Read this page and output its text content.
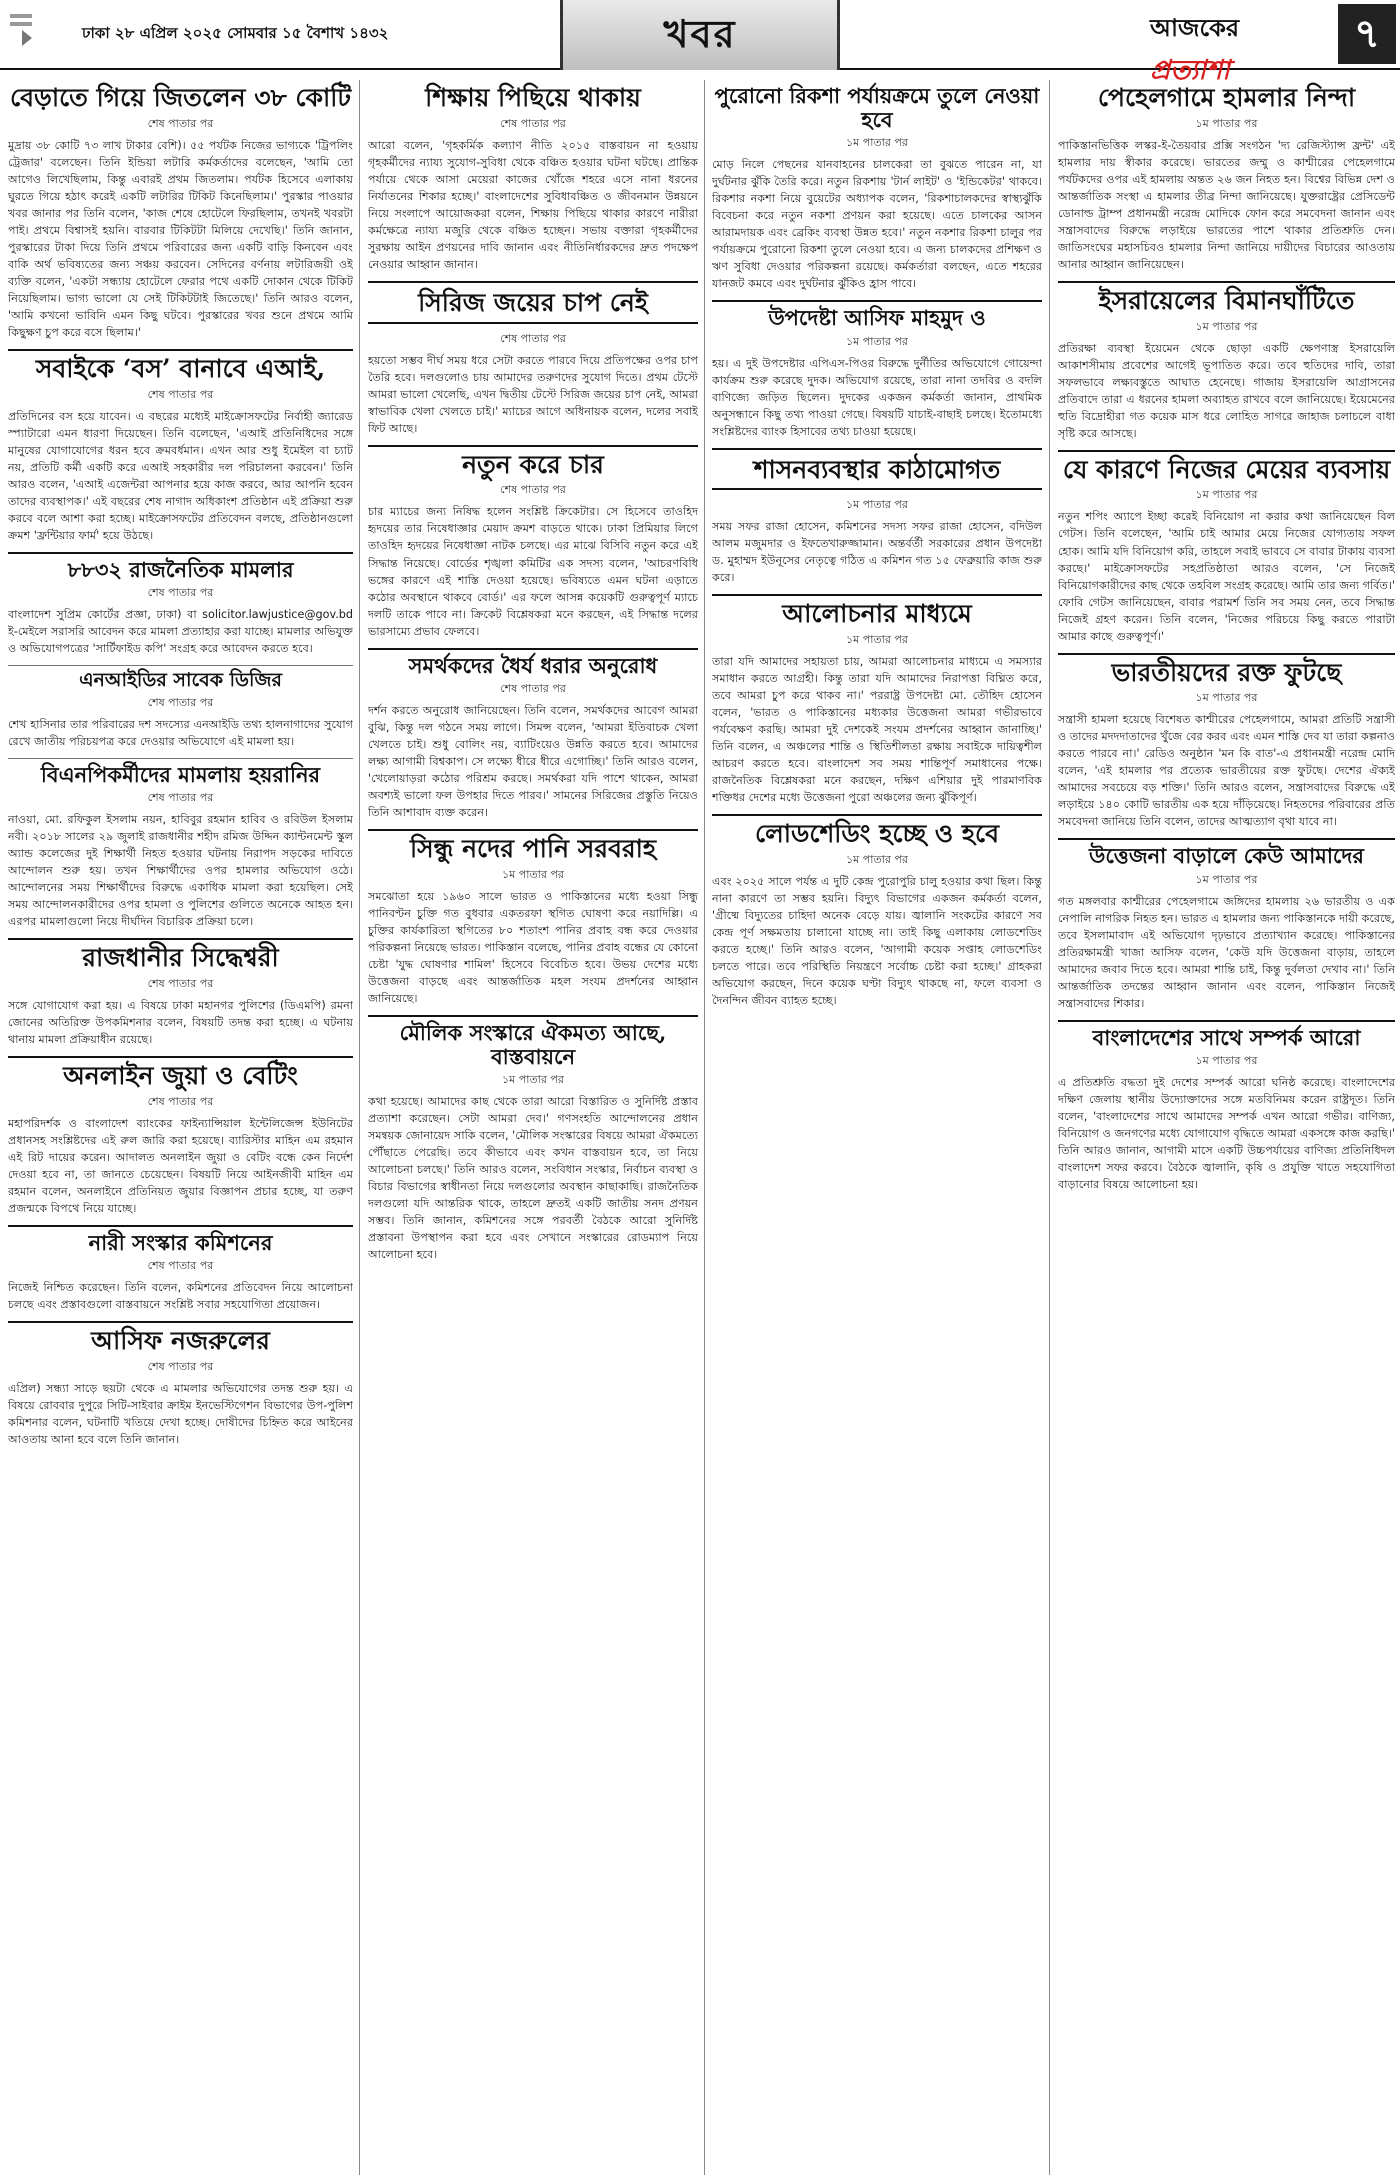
ঢাকা ২৮ এপ্রিল ২০২৫ সোমবার ১৫ বৈশাখ ১৪৩২	খবর	আজকের প্রত্যাশা
৭
বেড়াতে গিয়ে জিতলেন ৩৮ কোটি
শেষ পাতার পর
মুদ্রায় ৩৮ কোটি ৭৩ লাখ টাকার বেশি)। ৫৫ পর্যটক নিজের ভাগ্যকে 'ট্রিপলিং ট্রেজার' বলেছেন। তিনি ইন্ডিয়া লটারি কর্মকর্তাদের বলেছেন, 'আমি তো আগেও লিখেছিলাম, কিন্তু এবারই প্রথম জিতলাম। পর্যটক হিসেবে এলাকায় ঘুরতে গিয়ে হঠাৎ করেই একটি লটারির টিকিট কিনেছিলাম।' পুরস্কার পাওয়ার খবর জানার পর তিনি বলেন, 'কাজ শেষে হোটেলে ফিরছিলাম, তখনই খবরটা পাই। প্রথমে বিশ্বাসই হয়নি। বারবার টিকিটটা মিলিয়ে দেখেছি।' তিনি জানান, পুরস্কারের টাকা দিয়ে তিনি প্রথমে পরিবারের জন্য একটি বাড়ি কিনবেন এবং বাকি অর্থ ভবিষ্যতের জন্য সঞ্চয় করবেন। সেদিনের বর্ণনায় লটারিজয়ী ওই ব্যক্তি বলেন, 'একটা সন্ধ্যায় হোটেলে ফেরার পথে একটি দোকান থেকে টিকিট নিয়েছিলাম। ভাগ্য ভালো যে সেই টিকিটটাই জিতেছে।' তিনি আরও বলেন, 'আমি কখনো ভাবিনি এমন কিছু ঘটবে। পুরস্কারের খবর শুনে প্রথমে আমি কিছুক্ষণ চুপ করে বসে ছিলাম।'
সবাইকে ‘বস’ বানাবে এআই,
শেষ পাতার পর
প্রতিদিনের বস হয়ে যাবেন। এ বছরের মধ্যেই মাইক্রোসফটের নির্বাহী জ্যারেড স্প্যাটারো এমন ধারণা দিয়েছেন। তিনি বলেছেন, 'এআই প্রতিনিধিদের সঙ্গে মানুষের যোগাযোগের ধরন হবে ক্রমবর্ধমান। এখন আর শুধু ইমেইল বা চ্যাট নয়, প্রতিটি কর্মী একটি করে এআই সহকারীর দল পরিচালনা করবেন।' তিনি আরও বলেন, 'এআই এজেন্টরা আপনার হয়ে কাজ করবে, আর আপনি হবেন তাদের ব্যবস্থাপক।' এই বছরের শেষ নাগাদ অধিকাংশ প্রতিষ্ঠান এই প্রক্রিয়া শুরু করবে বলে আশা করা হচ্ছে। মাইক্রোসফটের প্রতিবেদন বলছে, প্রতিষ্ঠানগুলো ক্রমশ 'ফ্রন্টিয়ার ফার্ম' হয়ে উঠছে।
৮৮৩২ রাজনৈতিক মামলার
শেষ পাতার পর
বাংলাদেশ সুপ্রিম কোর্টের প্রজ্ঞা, ঢাকা) বা solicitor.lawjustice@gov.bd ই-মেইলে সরাসরি আবেদন করে মামলা প্রত্যাহার করা যাচ্ছে। মামলার অভিযুক্ত ও অভিযোগপত্রের 'সার্টিফাইড কপি' সংগ্রহ করে আবেদন করতে হবে।
এনআইডির সাবেক ডিজির
শেষ পাতার পর
শেখ হাসিনার তার পরিবারের দশ সদস্যের এনআইডি তথ্য হালনাগাদের সুযোগ রেখে জাতীয় পরিচয়পত্র করে দেওয়ার অভিযোগে এই মামলা হয়।
বিএনপিকর্মীদের মামলায় হয়রানির
শেষ পাতার পর
নাওয়া, মো. রফিকুল ইসলাম নয়ন, হাবিবুর রহমান হাবিব ও রবিউল ইসলাম নবী। ২০১৮ সালের ২৯ জুলাই রাজধানীর শহীদ রমিজ উদ্দিন ক্যান্টনমেন্ট স্কুল অ্যান্ড কলেজের দুই শিক্ষার্থী নিহত হওয়ার ঘটনায় নিরাপদ সড়কের দাবিতে আন্দোলন শুরু হয়। তখন শিক্ষার্থীদের ওপর হামলার অভিযোগ ওঠে। আন্দোলনের সময় শিক্ষার্থীদের বিরুদ্ধে একাধিক মামলা করা হয়েছিল। সেই সময় আন্দোলনকারীদের ওপর হামলা ও পুলিশের গুলিতে অনেকে আহত হন। এরপর মামলাগুলো নিয়ে দীর্ঘদিন বিচারিক প্রক্রিয়া চলে।
রাজধানীর সিদ্ধেশ্বরী
শেষ পাতার পর
সঙ্গে যোগাযোগ করা হয়। এ বিষয়ে ঢাকা মহানগর পুলিশের (ডিএমপি) রমনা জোনের অতিরিক্ত উপকমিশনার বলেন, বিষয়টি তদন্ত করা হচ্ছে। এ ঘটনায় থানায় মামলা প্রক্রিয়াধীন রয়েছে।
অনলাইন জুয়া ও বেটিং
শেষ পাতার পর
মহাপরিদর্শক ও বাংলাদেশ ব্যাংকের ফাইন্যান্সিয়াল ইন্টেলিজেন্স ইউনিটের প্রধানসহ সংশ্লিষ্টদের এই রুল জারি করা হয়েছে। ব্যারিস্টার মাহিন এম রহমান এই রিট দায়ের করেন। আদালত অনলাইন জুয়া ও বেটিং বন্ধে কেন নির্দেশ দেওয়া হবে না, তা জানতে চেয়েছেন। বিষয়টি নিয়ে আইনজীবী মাহিন এম রহমান বলেন, অনলাইনে প্রতিনিয়ত জুয়ার বিজ্ঞাপন প্রচার হচ্ছে, যা তরুণ প্রজন্মকে বিপথে নিয়ে যাচ্ছে।
নারী সংস্কার কমিশনের
শেষ পাতার পর
নিজেই নিশ্চিত করেছেন। তিনি বলেন, কমিশনের প্রতিবেদন নিয়ে আলোচনা চলছে এবং প্রস্তাবগুলো বাস্তবায়নে সংশ্লিষ্ট সবার সহযোগিতা প্রয়োজন।
আসিফ নজরুলের
শেষ পাতার পর
এপ্রিল) সন্ধ্যা সাড়ে ছয়টা থেকে এ মামলার অভিযোগের তদন্ত শুরু হয়। এ বিষয়ে রোববার দুপুরে সিটি-সাইবার ক্রাইম ইনভেস্টিগেশন বিভাগের উপ-পুলিশ কমিশনার বলেন, ঘটনাটি খতিয়ে দেখা হচ্ছে। দোষীদের চিহ্নিত করে আইনের আওতায় আনা হবে বলে তিনি জানান।
শিক্ষায় পিছিয়ে থাকায়
শেষ পাতার পর
আরো বলেন, 'গৃহকর্মিক কল্যাণ নীতি ২০১৫ বাস্তবায়ন না হওয়ায় গৃহকর্মীদের ন্যায্য সুযোগ-সুবিধা থেকে বঞ্চিত হওয়ার ঘটনা ঘটছে। প্রান্তিক পর্যায়ে থেকে আসা মেয়েরা কাজের খোঁজে শহরে এসে নানা ধরনের নির্যাতনের শিকার হচ্ছে।' বাংলাদেশের সুবিধাবঞ্চিত ও জীবনমান উন্নয়নে নিয়ে সংলাপে আয়োজকরা বলেন, শিক্ষায় পিছিয়ে থাকার কারণে নারীরা কর্মক্ষেত্রে ন্যায্য মজুরি থেকে বঞ্চিত হচ্ছেন। সভায় বক্তারা গৃহকর্মীদের সুরক্ষায় আইন প্রণয়নের দাবি জানান এবং নীতিনির্ধারকদের দ্রুত পদক্ষেপ নেওয়ার আহ্বান জানান।
সিরিজ জয়ের চাপ নেই
শেষ পাতার পর
হয়তো সম্ভব দীর্ঘ সময় ধরে সেটা করতে পারবে দিয়ে প্রতিপক্ষের ওপর চাপ তৈরি হবে। দলগুলোও চায় আমাদের তরুণদের সুযোগ দিতে। প্রথম টেস্টে আমরা ভালো খেলেছি, এখন দ্বিতীয় টেস্টে সিরিজ জয়ের চাপ নেই, আমরা স্বাভাবিক খেলা খেলতে চাই।' ম্যাচের আগে অধিনায়ক বলেন, দলের সবাই ফিট আছে।
নতুন করে চার
শেষ পাতার পর
চার ম্যাচের জন্য নিষিদ্ধ হলেন সংশ্লিষ্ট ক্রিকেটার। সে হিসেবে তাওহিদ হৃদয়ের তার নিষেধাজ্ঞার মেয়াদ ক্রমশ বাড়তে থাকে। ঢাকা প্রিমিয়ার লিগে তাওহিদ হৃদয়ের নিষেধাজ্ঞা নাটক চলছে। এর মাঝে বিসিবি নতুন করে এই সিদ্ধান্ত নিয়েছে। বোর্ডের শৃঙ্খলা কমিটির এক সদস্য বলেন, 'আচরণবিধি ভঙ্গের কারণে এই শাস্তি দেওয়া হয়েছে। ভবিষ্যতে এমন ঘটনা এড়াতে কঠোর অবস্থানে থাকবে বোর্ড।' এর ফলে আসন্ন কয়েকটি গুরুত্বপূর্ণ ম্যাচে দলটি তাকে পাবে না। ক্রিকেট বিশ্লেষকরা মনে করছেন, এই সিদ্ধান্ত দলের ভারসাম্যে প্রভাব ফেলবে।
সমর্থকদের ধৈর্য ধরার অনুরোধ
শেষ পাতার পর
দর্শন করতে অনুরোধ জানিয়েছেন। তিনি বলেন, সমর্থকদের আবেগ আমরা বুঝি, কিন্তু দল গঠনে সময় লাগে। সিমন্স বলেন, 'আমরা ইতিবাচক খেলা খেলতে চাই। শুধু বোলিং নয়, ব্যাটিংয়েও উন্নতি করতে হবে। আমাদের লক্ষ্য আগামী বিশ্বকাপ। সে লক্ষ্যে ধীরে ধীরে এগোচ্ছি।' তিনি আরও বলেন, 'খেলোয়াড়রা কঠোর পরিশ্রম করছে। সমর্থকরা যদি পাশে থাকেন, আমরা অবশ্যই ভালো ফল উপহার দিতে পারব।' সামনের সিরিজের প্রস্তুতি নিয়েও তিনি আশাবাদ ব্যক্ত করেন।
সিন্ধু নদের পানি সরবরাহ
১ম পাতার পর
সমঝোতা হয়ে ১৯৬০ সালে ভারত ও পাকিস্তানের মধ্যে হওয়া সিন্ধু পানিবণ্টন চুক্তি গত বুধবার একতরফা স্থগিত ঘোষণা করে নয়াদিল্লি। এ চুক্তির কার্যকারিতা স্থগিতের ৮০ শতাংশ পানির প্রবাহ বন্ধ করে দেওয়ার পরিকল্পনা নিয়েছে ভারত। পাকিস্তান বলেছে, পানির প্রবাহ বন্ধের যে কোনো চেষ্টা 'যুদ্ধ ঘোষণার শামিল' হিসেবে বিবেচিত হবে। উভয় দেশের মধ্যে উত্তেজনা বাড়ছে এবং আন্তর্জাতিক মহল সংযম প্রদর্শনের আহ্বান জানিয়েছে।
মৌলিক সংস্কারে ঐকমত্য আছে, বাস্তবায়নে
১ম পাতার পর
কথা হয়েছে। আমাদের কাছ থেকে তারা আরো বিস্তারিত ও সুনির্দিষ্ট প্রস্তাব প্রত্যাশা করেছেন। সেটা আমরা দেব।' গণসংহতি আন্দোলনের প্রধান সমন্বয়ক জোনায়েদ সাকি বলেন, 'মৌলিক সংস্কারের বিষয়ে আমরা ঐকমত্যে পৌঁছাতে পেরেছি। তবে কীভাবে এবং কখন বাস্তবায়ন হবে, তা নিয়ে আলোচনা চলছে।' তিনি আরও বলেন, সংবিধান সংস্কার, নির্বাচন ব্যবস্থা ও বিচার বিভাগের স্বাধীনতা নিয়ে দলগুলোর অবস্থান কাছাকাছি। রাজনৈতিক দলগুলো যদি আন্তরিক থাকে, তাহলে দ্রুতই একটি জাতীয় সনদ প্রণয়ন সম্ভব। তিনি জানান, কমিশনের সঙ্গে পরবর্তী বৈঠকে আরো সুনির্দিষ্ট প্রস্তাবনা উপস্থাপন করা হবে এবং সেখানে সংস্কারের রোডম্যাপ নিয়ে আলোচনা হবে।
পুরোনো রিকশা পর্যায়ক্রমে তুলে নেওয়া হবে
১ম পাতার পর
মোড় নিলে পেছনের যানবাহনের চালকেরা তা বুঝতে পারেন না, যা দুর্ঘটনার ঝুঁকি তৈরি করে। নতুন রিকশায় 'টার্ন লাইট' ও 'ইন্ডিকেটর' থাকবে। রিকশার নকশা নিয়ে বুয়েটের অধ্যাপক বলেন, 'রিকশাচালকদের স্বাস্থ্যঝুঁকি বিবেচনা করে নতুন নকশা প্রণয়ন করা হয়েছে। এতে চালকের আসন আরামদায়ক এবং ব্রেকিং ব্যবস্থা উন্নত হবে।' নতুন নকশার রিকশা চালুর পর পর্যায়ক্রমে পুরোনো রিকশা তুলে নেওয়া হবে। এ জন্য চালকদের প্রশিক্ষণ ও ঋণ সুবিধা দেওয়ার পরিকল্পনা রয়েছে। কর্মকর্তারা বলছেন, এতে শহরের যানজট কমবে এবং দুর্ঘটনার ঝুঁকিও হ্রাস পাবে।
উপদেষ্টা আসিফ মাহমুদ ও
১ম পাতার পর
হয়। এ দুই উপদেষ্টার এপিএস-পিওর বিরুদ্ধে দুর্নীতির অভিযোগে গোয়েন্দা কার্যক্রম শুরু করেছে দুদক। অভিযোগ রয়েছে, তারা নানা তদবির ও বদলি বাণিজ্যে জড়িত ছিলেন। দুদকের একজন কর্মকর্তা জানান, প্রাথমিক অনুসন্ধানে কিছু তথ্য পাওয়া গেছে। বিষয়টি যাচাই-বাছাই চলছে। ইতোমধ্যে সংশ্লিষ্টদের ব্যাংক হিসাবের তথ্য চাওয়া হয়েছে।
শাসনব্যবস্থার কাঠামোগত
১ম পাতার পর
সময় সফর রাজা হোসেন, কমিশনের সদস্য সফর রাজা হোসেন, বদিউল আলম মজুমদার ও ইফতেখারুজ্জামান। অন্তর্বর্তী সরকারের প্রধান উপদেষ্টা ড. মুহাম্মদ ইউনূসের নেতৃত্বে গঠিত এ কমিশন গত ১৫ ফেব্রুয়ারি কাজ শুরু করে।
আলোচনার মাধ্যমে
১ম পাতার পর
তারা যদি আমাদের সহায়তা চায়, আমরা আলোচনার মাধ্যমে এ সমস্যার সমাধান করতে আগ্রহী। কিন্তু তারা যদি আমাদের নিরাপত্তা বিঘ্নিত করে, তবে আমরা চুপ করে থাকব না।' পররাষ্ট্র উপদেষ্টা মো. তৌহিদ হোসেন বলেন, 'ভারত ও পাকিস্তানের মধ্যকার উত্তেজনা আমরা গভীরভাবে পর্যবেক্ষণ করছি। আমরা দুই দেশকেই সংযম প্রদর্শনের আহ্বান জানাচ্ছি।' তিনি বলেন, এ অঞ্চলের শান্তি ও স্থিতিশীলতা রক্ষায় সবাইকে দায়িত্বশীল আচরণ করতে হবে। বাংলাদেশ সব সময় শান্তিপূর্ণ সমাধানের পক্ষে। রাজনৈতিক বিশ্লেষকরা মনে করছেন, দক্ষিণ এশিয়ার দুই পারমাণবিক শক্তিধর দেশের মধ্যে উত্তেজনা পুরো অঞ্চলের জন্য ঝুঁকিপূর্ণ।
লোডশেডিং হচ্ছে ও হবে
১ম পাতার পর
এবং ২০২৫ সালে পর্যন্ত এ দুটি কেন্দ্র পুরোপুরি চালু হওয়ার কথা ছিল। কিন্তু নানা কারণে তা সম্ভব হয়নি। বিদ্যুৎ বিভাগের একজন কর্মকর্তা বলেন, 'গ্রীষ্মে বিদ্যুতের চাহিদা অনেক বেড়ে যায়। জ্বালানি সংকটের কারণে সব কেন্দ্র পূর্ণ সক্ষমতায় চালানো যাচ্ছে না। তাই কিছু এলাকায় লোডশেডিং করতে হচ্ছে।' তিনি আরও বলেন, 'আগামী কয়েক সপ্তাহ লোডশেডিং চলতে পারে। তবে পরিস্থিতি নিয়ন্ত্রণে সর্বোচ্চ চেষ্টা করা হচ্ছে।' গ্রাহকরা অভিযোগ করছেন, দিনে কয়েক ঘণ্টা বিদ্যুৎ থাকছে না, ফলে ব্যবসা ও দৈনন্দিন জীবন ব্যাহত হচ্ছে।
পেহেলগামে হামলার নিন্দা
১ম পাতার পর
পাকিস্তানভিত্তিক লস্কর-ই-তৈয়বার প্রক্সি সংগঠন 'দ্য রেজিস্ট্যান্স ফ্রন্ট' এই হামলার দায় স্বীকার করেছে। ভারতের জম্মু ও কাশ্মীরের পেহেলগামে পর্যটকদের ওপর এই হামলায় অন্তত ২৬ জন নিহত হন। বিশ্বের বিভিন্ন দেশ ও আন্তর্জাতিক সংস্থা এ হামলার তীব্র নিন্দা জানিয়েছে। যুক্তরাষ্ট্রের প্রেসিডেন্ট ডোনাল্ড ট্রাম্প প্রধানমন্ত্রী নরেন্দ্র মোদিকে ফোন করে সমবেদনা জানান এবং সন্ত্রাসবাদের বিরুদ্ধে লড়াইয়ে ভারতের পাশে থাকার প্রতিশ্রুতি দেন। জাতিসংঘের মহাসচিবও হামলার নিন্দা জানিয়ে দায়ীদের বিচারের আওতায় আনার আহ্বান জানিয়েছেন।
ইসরায়েলের বিমানঘাঁটিতে
১ম পাতার পর
প্রতিরক্ষা ব্যবস্থা ইয়েমেন থেকে ছোড়া একটি ক্ষেপণাস্ত্র ইসরায়েলি আকাশসীমায় প্রবেশের আগেই ভূপাতিত করে। তবে হুতিদের দাবি, তারা সফলভাবে লক্ষ্যবস্তুতে আঘাত হেনেছে। গাজায় ইসরায়েলি আগ্রাসনের প্রতিবাদে তারা এ ধরনের হামলা অব্যাহত রাখবে বলে জানিয়েছে। ইয়েমেনের হুতি বিদ্রোহীরা গত কয়েক মাস ধরে লোহিত সাগরে জাহাজ চলাচলে বাধা সৃষ্টি করে আসছে।
যে কারণে নিজের মেয়ের ব্যবসায়
১ম পাতার পর
নতুন শপিং অ্যাপে ইচ্ছা করেই বিনিয়োগ না করার কথা জানিয়েছেন বিল গেটস। তিনি বলেছেন, 'আমি চাই আমার মেয়ে নিজের যোগ্যতায় সফল হোক। আমি যদি বিনিয়োগ করি, তাহলে সবাই ভাববে সে বাবার টাকায় ব্যবসা করছে।' মাইক্রোসফটের সহপ্রতিষ্ঠাতা আরও বলেন, 'সে নিজেই বিনিয়োগকারীদের কাছ থেকে তহবিল সংগ্রহ করেছে। আমি তার জন্য গর্বিত।' ফোবি গেটস জানিয়েছেন, বাবার পরামর্শ তিনি সব সময় নেন, তবে সিদ্ধান্ত নিজেই গ্রহণ করেন। তিনি বলেন, 'নিজের পরিচয়ে কিছু করতে পারাটা আমার কাছে গুরুত্বপূর্ণ।'
ভারতীয়দের রক্ত ফুটছে
১ম পাতার পর
সন্ত্রাসী হামলা হয়েছে বিশেষত কাশ্মীরের পেহেলগামে, আমরা প্রতিটি সন্ত্রাসী ও তাদের মদদদাতাদের খুঁজে বের করব এবং এমন শাস্তি দেব যা তারা কল্পনাও করতে পারবে না।' রেডিও অনুষ্ঠান 'মন কি বাত'-এ প্রধানমন্ত্রী নরেন্দ্র মোদি বলেন, 'এই হামলার পর প্রত্যেক ভারতীয়ের রক্ত ফুটছে। দেশের ঐক্যই আমাদের সবচেয়ে বড় শক্তি।' তিনি আরও বলেন, সন্ত্রাসবাদের বিরুদ্ধে এই লড়াইয়ে ১৪০ কোটি ভারতীয় এক হয়ে দাঁড়িয়েছে। নিহতদের পরিবারের প্রতি সমবেদনা জানিয়ে তিনি বলেন, তাদের আত্মত্যাগ বৃথা যাবে না।
উত্তেজনা বাড়ালে কেউ আমাদের
১ম পাতার পর
গত মঙ্গলবার কাশ্মীরের পেহেলগামে জঙ্গিদের হামলায় ২৬ ভারতীয় ও এক নেপালি নাগরিক নিহত হন। ভারত এ হামলার জন্য পাকিস্তানকে দায়ী করেছে, তবে ইসলামাবাদ এই অভিযোগ দৃঢ়ভাবে প্রত্যাখ্যান করেছে। পাকিস্তানের প্রতিরক্ষামন্ত্রী খাজা আসিফ বলেন, 'কেউ যদি উত্তেজনা বাড়ায়, তাহলে আমাদের জবাব দিতে হবে। আমরা শান্তি চাই, কিন্তু দুর্বলতা দেখাব না।' তিনি আন্তর্জাতিক তদন্তের আহ্বান জানান এবং বলেন, পাকিস্তান নিজেই সন্ত্রাসবাদের শিকার।
বাংলাদেশের সাথে সম্পর্ক আরো
১ম পাতার পর
এ প্রতিশ্রুতি বদ্ধতা দুই দেশের সম্পর্ক আরো ঘনিষ্ঠ করেছে। বাংলাদেশের দক্ষিণ জেলায় স্থানীয় উদ্যোক্তাদের সঙ্গে মতবিনিময় করেন রাষ্ট্রদূত। তিনি বলেন, 'বাংলাদেশের সাথে আমাদের সম্পর্ক এখন আরো গভীর। বাণিজ্য, বিনিয়োগ ও জনগণের মধ্যে যোগাযোগ বৃদ্ধিতে আমরা একসঙ্গে কাজ করছি।' তিনি আরও জানান, আগামী মাসে একটি উচ্চপর্যায়ের বাণিজ্য প্রতিনিধিদল বাংলাদেশ সফর করবে। বৈঠকে জ্বালানি, কৃষি ও প্রযুক্তি খাতে সহযোগিতা বাড়ানোর বিষয়ে আলোচনা হয়।
